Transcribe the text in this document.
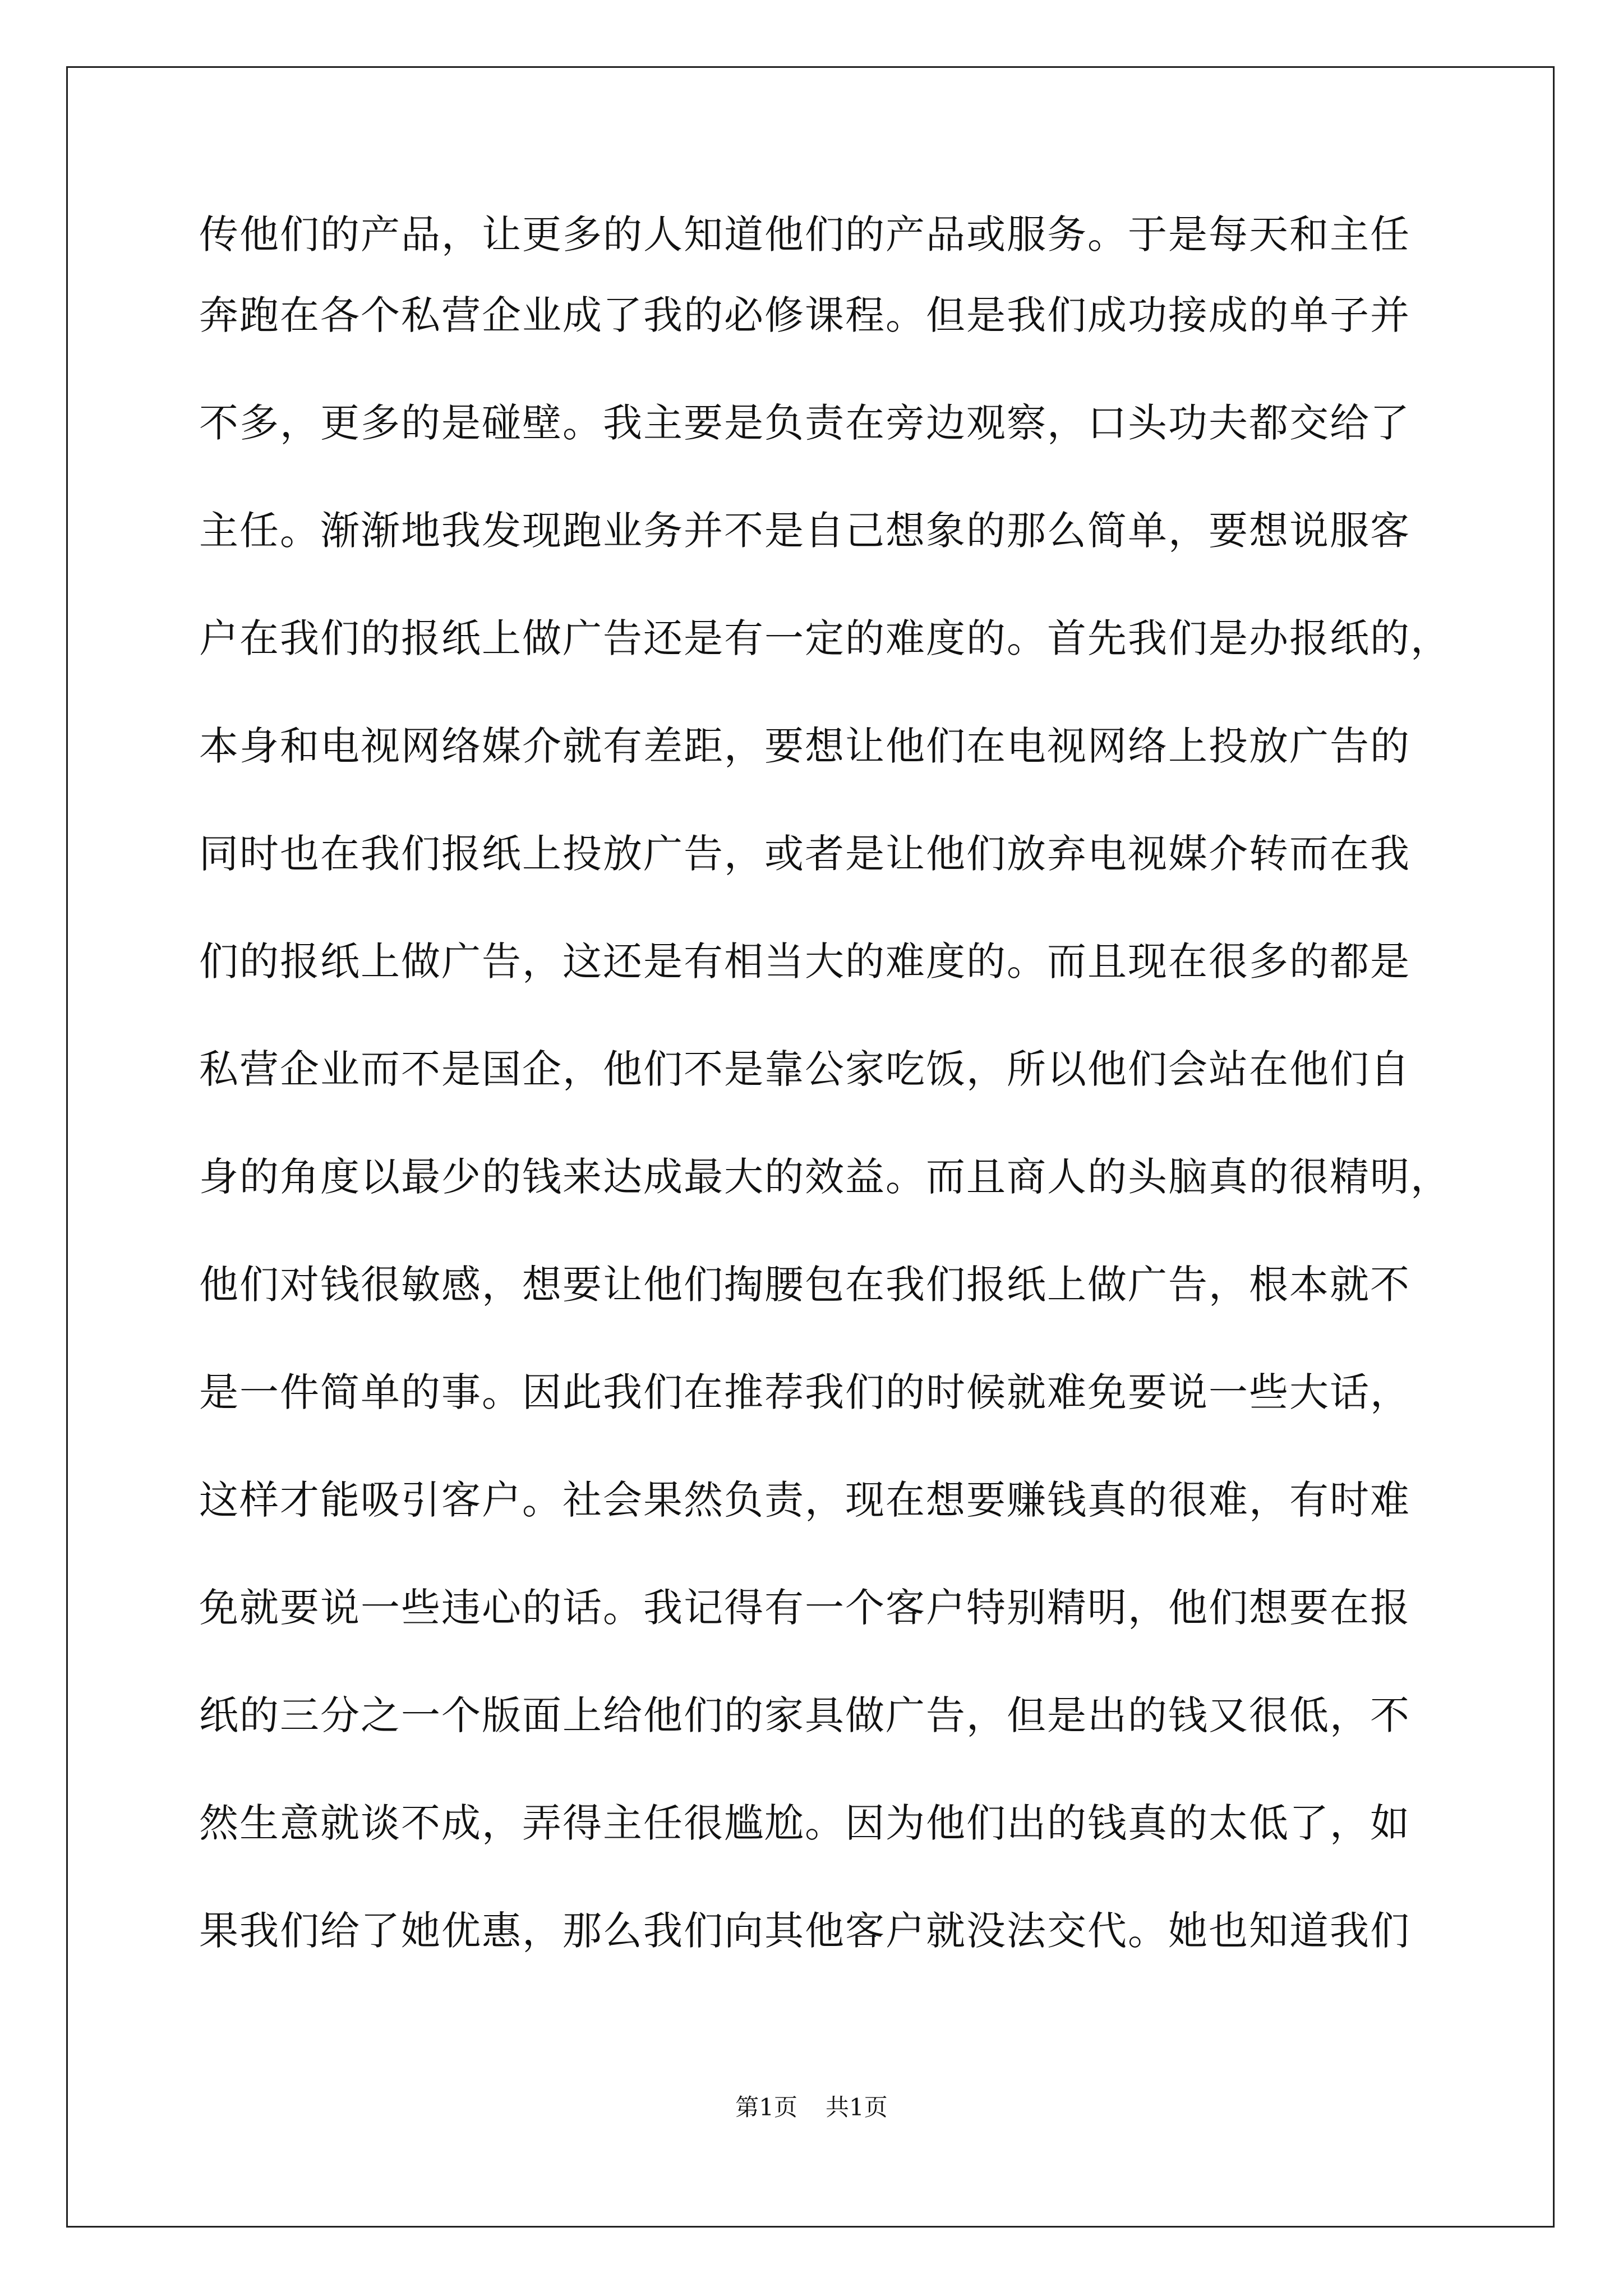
传他们的产品，让更多的人知道他们的产品或服务。于是每天和主任
奔跑在各个私营企业成了我的必修课程。但是我们成功接成的单子并
不多，更多的是碰壁。我主要是负责在旁边观察，口头功夫都交给了
主任。渐渐地我发现跑业务并不是自己想象的那么简单，要想说服客
户在我们的报纸上做广告还是有一定的难度的。首先我们是办报纸的，
本身和电视网络媒介就有差距，要想让他们在电视网络上投放广告的
同时也在我们报纸上投放广告，或者是让他们放弃电视媒介转而在我
们的报纸上做广告，这还是有相当大的难度的。而且现在很多的都是
私营企业而不是国企，他们不是靠公家吃饭，所以他们会站在他们自
身的角度以最少的钱来达成最大的效益。而且商人的头脑真的很精明，
他们对钱很敏感，想要让他们掏腰包在我们报纸上做广告，根本就不
是一件简单的事。因此我们在推荐我们的时候就难免要说一些大话，
这样才能吸引客户。社会果然负责，现在想要赚钱真的很难，有时难
免就要说一些违心的话。我记得有一个客户特别精明，他们想要在报
纸的三分之一个版面上给他们的家具做广告，但是出的钱又很低，不
然生意就谈不成，弄得主任很尴尬。因为他们出的钱真的太低了，如
果我们给了她优惠，那么我们向其他客户就没法交代。她也知道我们
第1页 共1页
